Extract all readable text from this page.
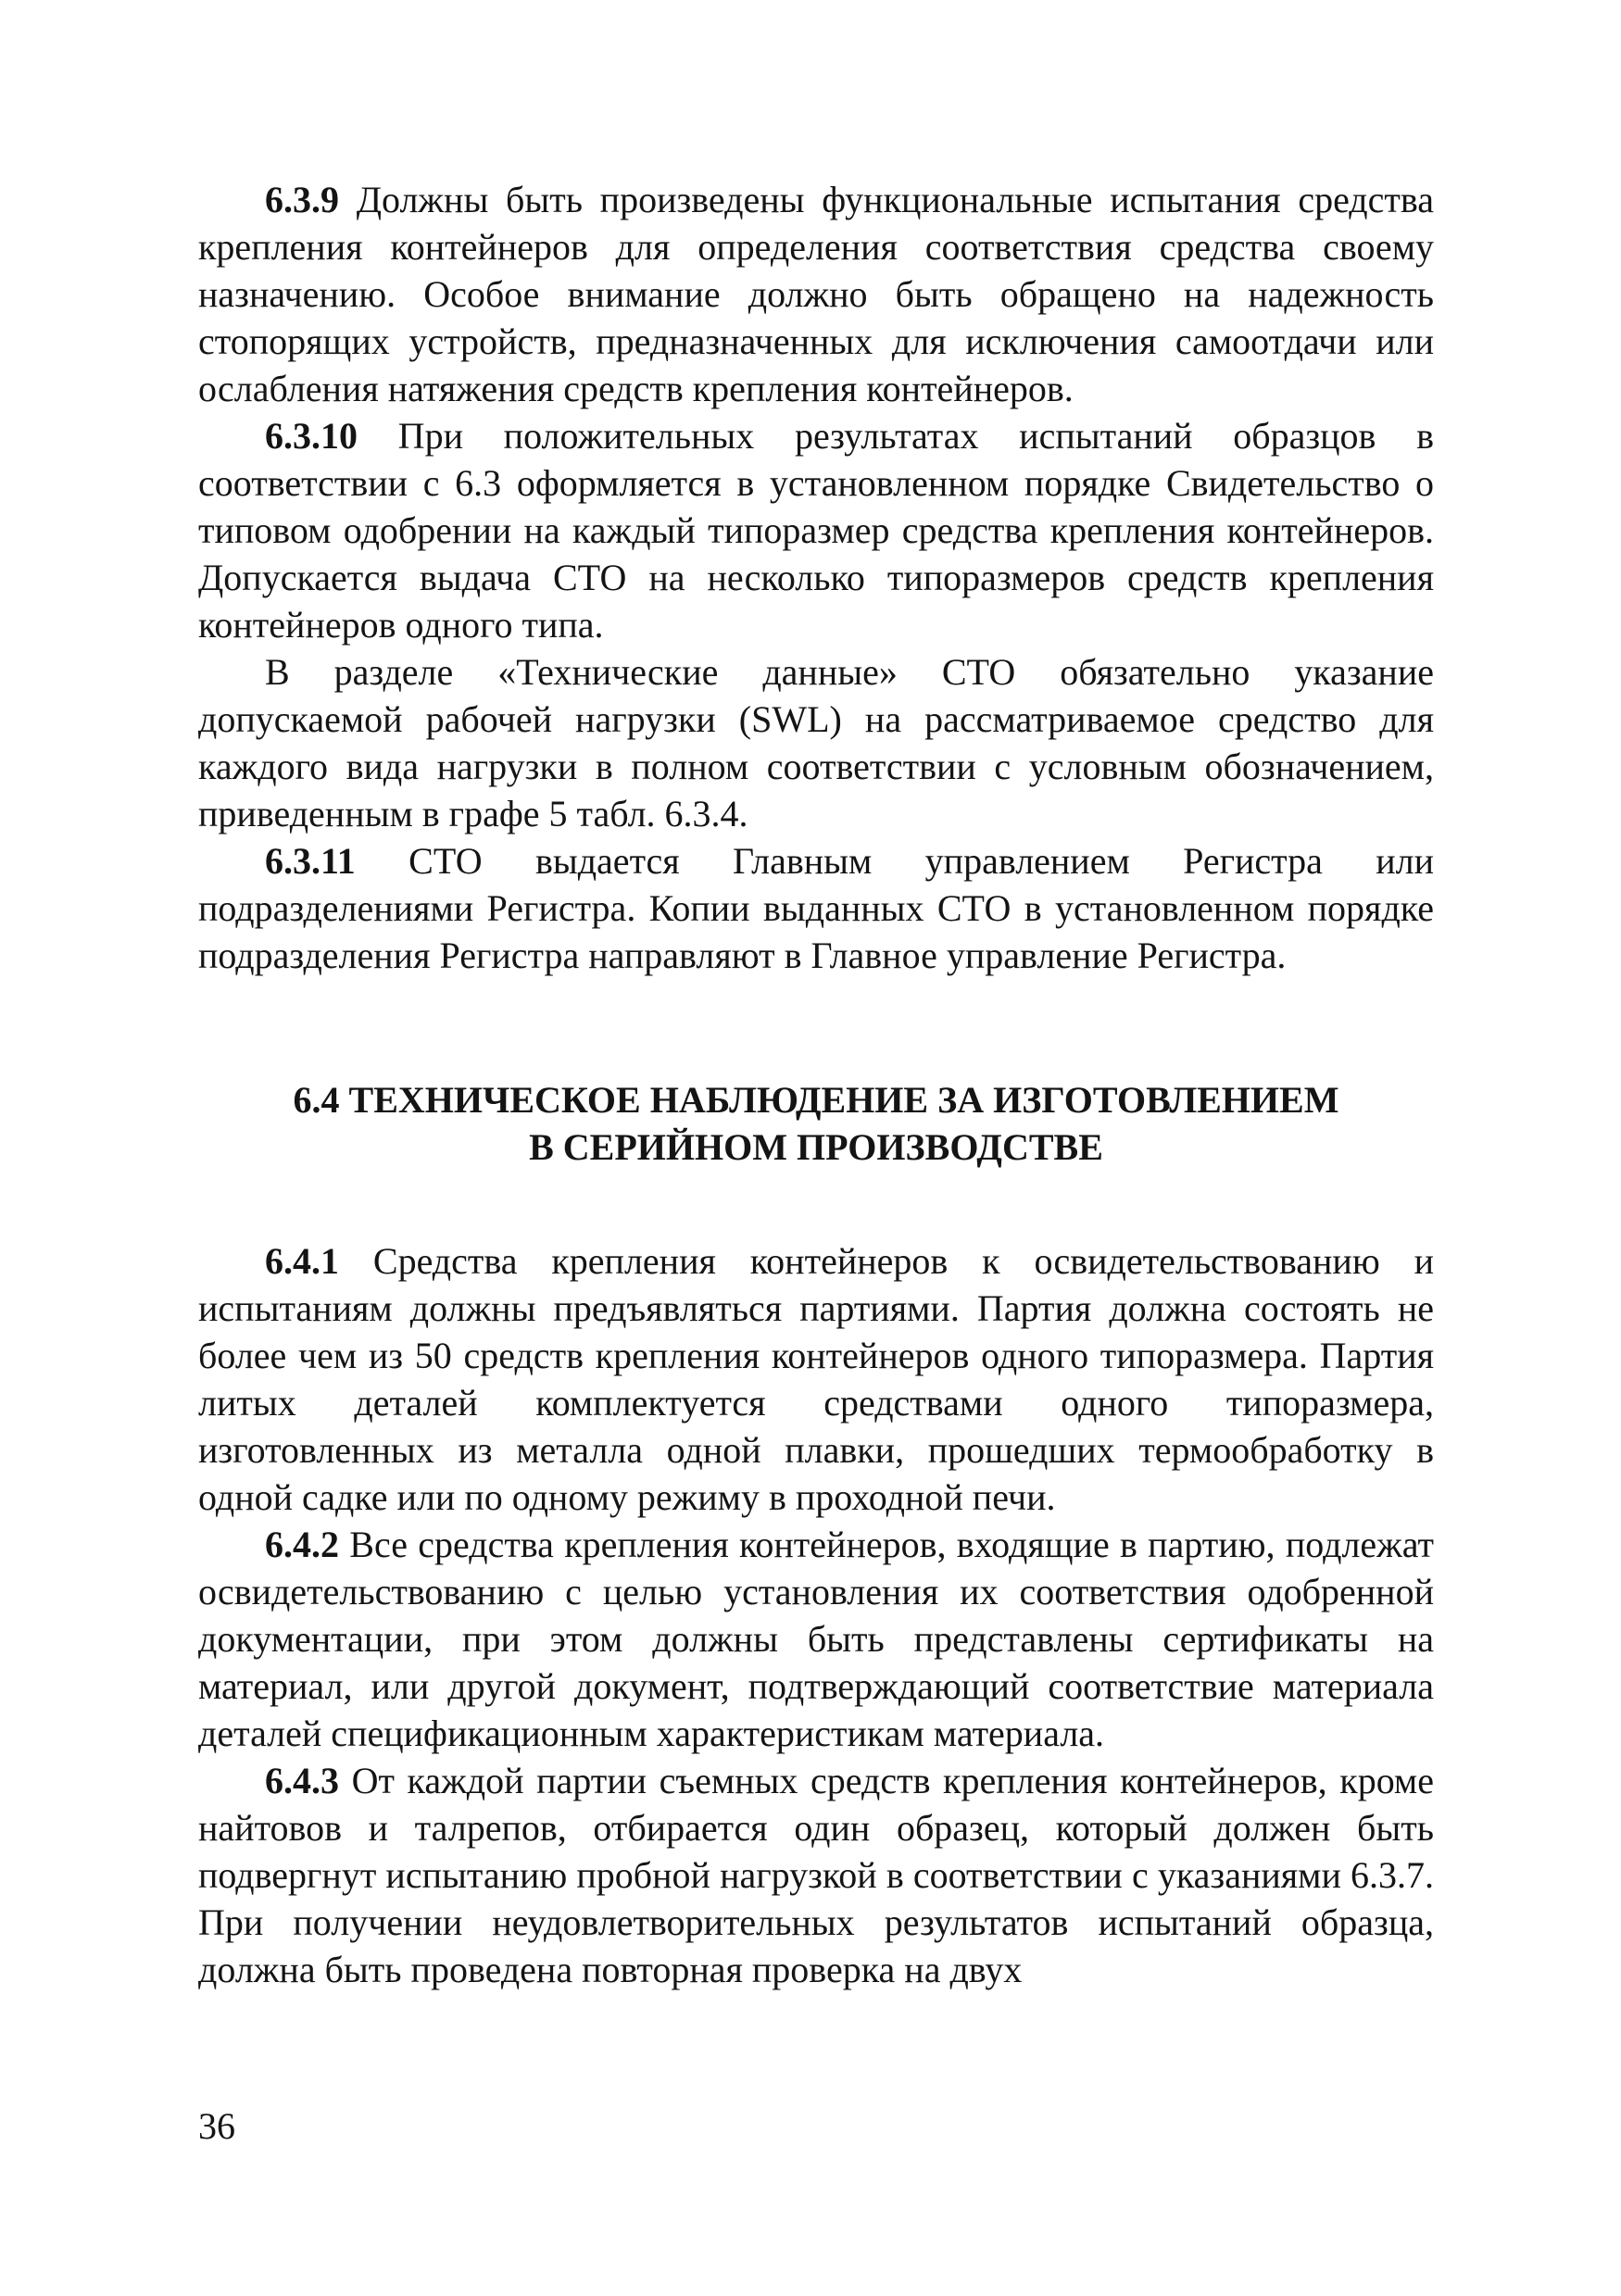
6.3.9 Должны быть произведены функциональные испытания средства крепления контейнеров для определения соответствия средства своему назначению. Особое внимание должно быть обращено на надежность стопорящих устройств, предназначенных для исключения самоотдачи или ослабления натяжения средств крепления контейнеров.

6.3.10 При положительных результатах испытаний образцов в соответствии с 6.3 оформляется в установленном порядке Свидетельство о типовом одобрении на каждый типоразмер средства крепления контейнеров. Допускается выдача СТО на несколько типоразмеров средств крепления контейнеров одного типа.

В разделе «Технические данные» СТО обязательно указание допускаемой рабочей нагрузки (SWL) на рассматриваемое средство для каждого вида нагрузки в полном соответствии с условным обозначением, приведенным в графе 5 табл. 6.3.4.

6.3.11 СТО выдается Главным управлением Регистра или подразделениями Регистра. Копии выданных СТО в установленном порядке подразделения Регистра направляют в Главное управление Регистра.

6.4 ТЕХНИЧЕСКОЕ НАБЛЮДЕНИЕ ЗА ИЗГОТОВЛЕНИЕМ
В СЕРИЙНОМ ПРОИЗВОДСТВЕ

6.4.1 Средства крепления контейнеров к освидетельствованию и испытаниям должны предъявляться партиями. Партия должна состоять не более чем из 50 средств крепления контейнеров одного типоразмера. Партия литых деталей комплектуется средствами одного типоразмера, изготовленных из металла одной плавки, прошедших термообработку в одной садке или по одному режиму в проходной печи.

6.4.2 Все средства крепления контейнеров, входящие в партию, подлежат освидетельствованию с целью установления их соответствия одобренной документации, при этом должны быть представлены сертификаты на материал, или другой документ, подтверждающий соответствие материала деталей спецификационным характеристикам материала.

6.4.3 От каждой партии съемных средств крепления контейнеров, кроме найтовов и талрепов, отбирается один образец, который должен быть подвергнут испытанию пробной нагрузкой в соответствии с указаниями 6.3.7. При получении неудовлетворительных результатов испытаний образца, должна быть проведена повторная проверка на двух

36
